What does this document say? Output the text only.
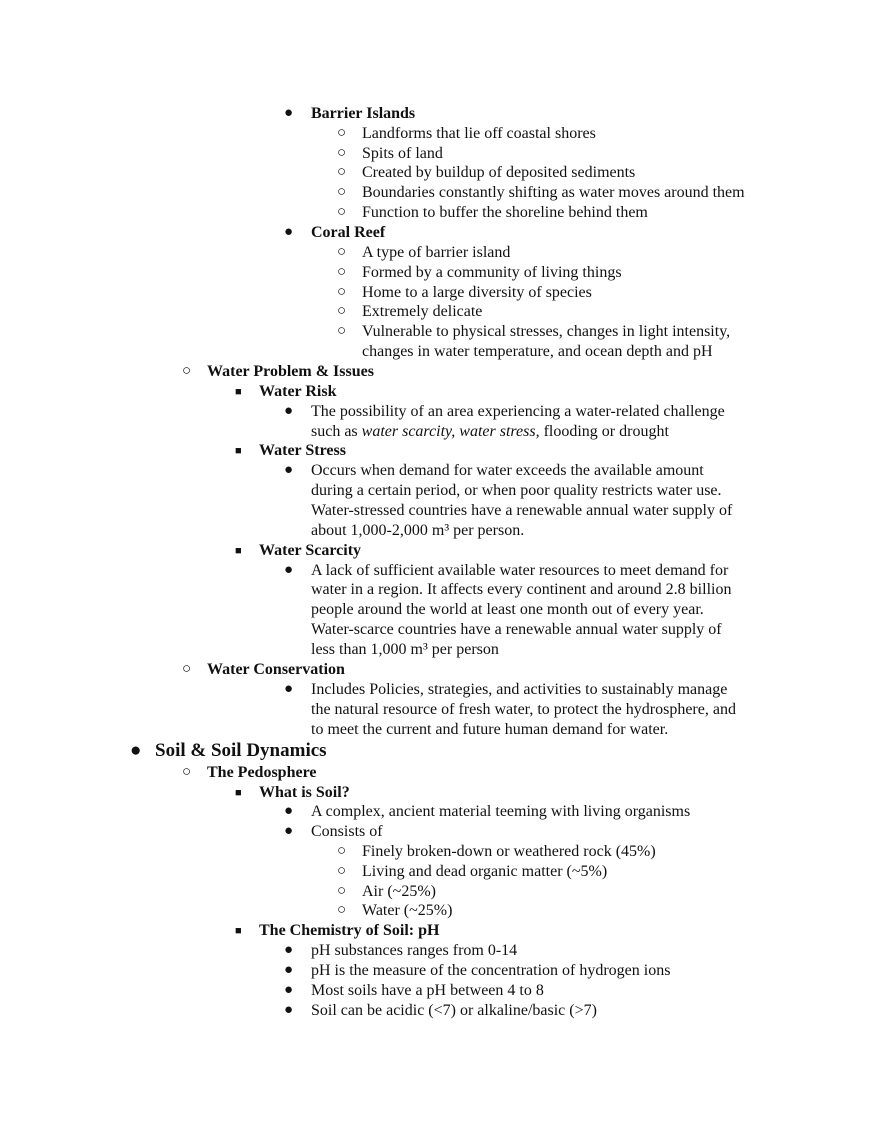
● Barrier Islands
○ Landforms that lie off coastal shores
○ Spits of land
○ Created by buildup of deposited sediments
○ Boundaries constantly shifting as water moves around them
○ Function to buffer the shoreline behind them
● Coral Reef
○ A type of barrier island
○ Formed by a community of living things
○ Home to a large diversity of species
○ Extremely delicate
○ Vulnerable to physical stresses, changes in light intensity,
changes in water temperature, and ocean depth and pH
○ Water Problem & Issues
■ Water Risk
● The possibility of an area experiencing a water-related challenge
such as water scarcity, water stress, flooding or drought
■ Water Stress
● Occurs when demand for water exceeds the available amount
during a certain period, or when poor quality restricts water use.
Water-stressed countries have a renewable annual water supply of
about 1,000-2,000 m³ per person.
■ Water Scarcity
● A lack of sufficient available water resources to meet demand for
water in a region. It affects every continent and around 2.8 billion
people around the world at least one month out of every year.
Water-scarce countries have a renewable annual water supply of
less than 1,000 m³ per person
○ Water Conservation
● Includes Policies, strategies, and activities to sustainably manage
the natural resource of fresh water, to protect the hydrosphere, and
to meet the current and future human demand for water.
● Soil & Soil Dynamics
○ The Pedosphere
■ What is Soil?
● A complex, ancient material teeming with living organisms
● Consists of
○ Finely broken-down or weathered rock (45%)
○ Living and dead organic matter (~5%)
○ Air (~25%)
○ Water (~25%)
■ The Chemistry of Soil: pH
● pH substances ranges from 0-14
● pH is the measure of the concentration of hydrogen ions
● Most soils have a pH between 4 to 8
● Soil can be acidic (<7) or alkaline/basic (>7)
